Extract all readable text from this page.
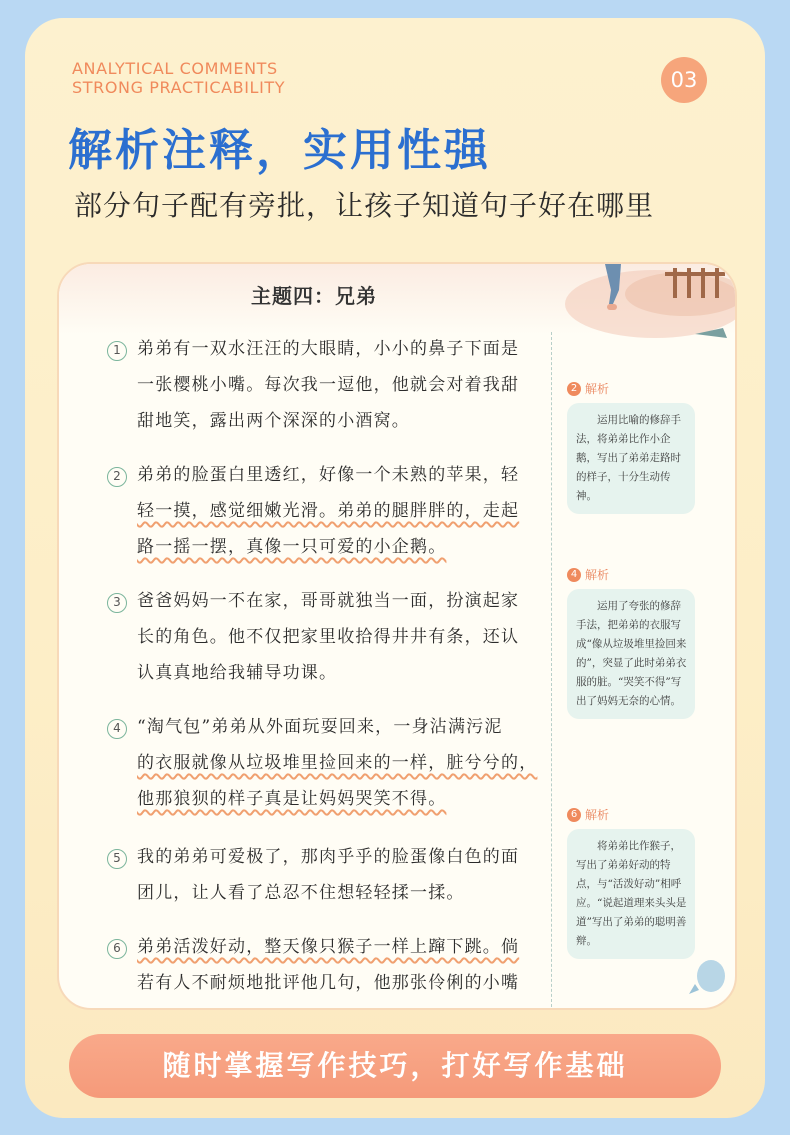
ANALYTICAL COMMENTS
STRONG PRACTICABILITY	03
解析注释，实用性强
部分句子配有旁批，让孩子知道句子好在哪里
主题四：兄弟
1 弟弟有一双水汪汪的大眼睛，小小的鼻子下面是
一张樱桃小嘴。每次我一逗他，他就会对着我甜
甜地笑，露出两个深深的小酒窝。
2 弟弟的脸蛋白里透红，好像一个未熟的苹果，轻
轻一摸，感觉细嫩光滑。弟弟的腿胖胖的，走起
路一摇一摆，真像一只可爱的小企鹅。
3 爸爸妈妈一不在家，哥哥就独当一面，扮演起家
长的角色。他不仅把家里收拾得井井有条，还认
认真真地给我辅导功课。
4 “淘气包”弟弟从外面玩耍回来，一身沾满污泥
的衣服就像从垃圾堆里捡回来的一样，脏兮兮的，
他那狼狈的样子真是让妈妈哭笑不得。
5 我的弟弟可爱极了，那肉乎乎的脸蛋像白色的面
团儿，让人看了总忍不住想轻轻揉一揉。
6 弟弟活泼好动，整天像只猴子一样上蹿下跳。倘
若有人不耐烦地批评他几句，他那张伶俐的小嘴
2 解析
运用比喻的修辞手法，将弟弟比作小企鹅，写出了弟弟走路时的样子，十分生动传神。
4 解析
运用了夸张的修辞手法，把弟弟的衣服写成“像从垃圾堆里捡回来的”，突显了此时弟弟衣服的脏。“哭笑不得”写出了妈妈无奈的心情。
6 解析
将弟弟比作猴子，写出了弟弟好动的特点，与“活泼好动”相呼应。“说起道理来头头是道”写出了弟弟的聪明善辩。
随时掌握写作技巧，打好写作基础
